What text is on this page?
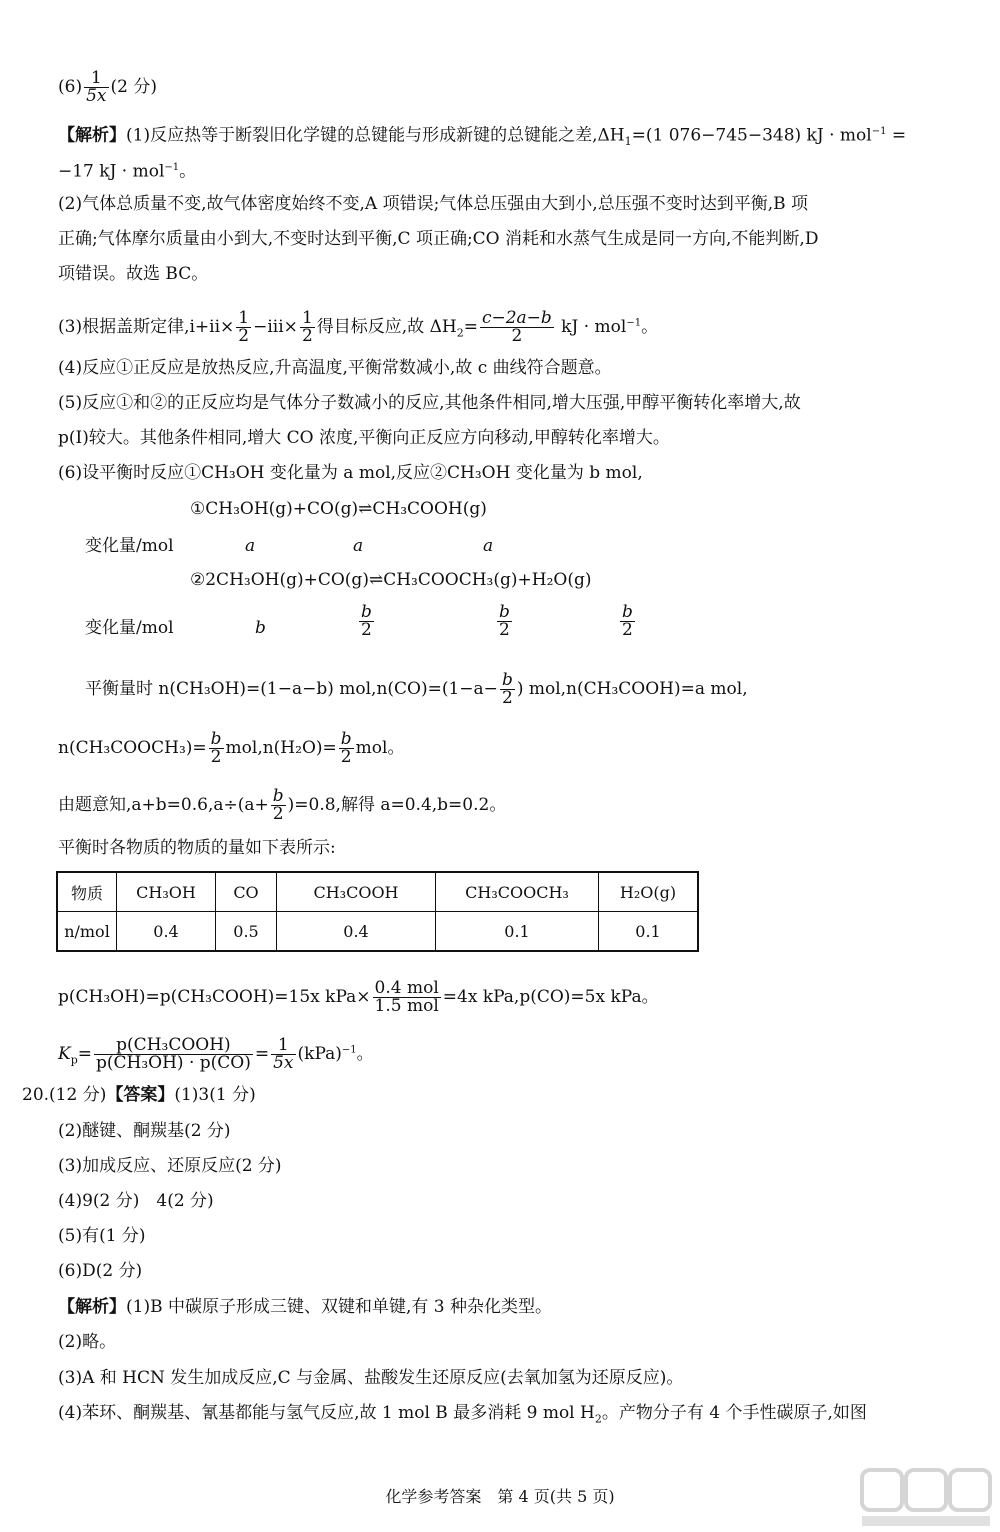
$(6) \frac{1}{5x} (2$ 分)
【解析】(1)反应热等于断裂旧化学键的总键能与形成新键的总键能之差$,\Delta H_1=(1$ 076−745−348) kJ · mol$^{-1}$ =
−17 kJ · mol$^{-1}$。
(2)气体总质量不变,故气体密度始终不变,A 项错误;气体总压强由大到小,总压强不变时达到平衡,B 项
正确;气体摩尔质量由小到大,不变时达到平衡,C 项正确;CO 消耗和水蒸气生成是同一方向,不能判断,D
项错误。故选 BC。
(3)根据盖斯定律$,i+ii\times \frac{1}{2} -iii\times \frac{1}{2}$ 得目标反应,故 $\Delta H_2= \frac{c-2a-b}{2}$ kJ · mol$^{-1}$。
(4)反应①正反应是放热反应,升高温度,平衡常数减小,故 c 曲线符合题意。
(5)反应①和②的正反应均是气体分子数减小的反应,其他条件相同,增大压强,甲醇平衡转化率增大,故
p(Ⅰ)较大。其他条件相同,增大 CO 浓度,平衡向正反应方向移动,甲醇转化率增大。
(6)设平衡时反应①CH₃OH 变化量为 a mol,反应②CH₃OH 变化量为 b mol,
①CH₃OH(g)+CO(g)⇌CH₃COOH(g)
变化量/mol	a	a	a
②2CH₃OH(g)+CO(g)⇌CH₃COOCH₃(g)+H₂O(g)
变化量/mol	b	$\frac{b}{2}$	$\frac{b}{2}$	$\frac{b}{2}$
平衡量时 n(CH₃OH)=(1−a−b) $mol,n(CO)=(1-a- \frac{b}{2}$ ) mol,n(CH₃COOH)=a mol,
n(CH₃COOCH₃)= $\frac{b}{2} mol,n(H_2O)= \frac{b}{2}$ mol。
由题意知$,a+b=0.6,a\div(a+ \frac{b}{2} )=0.8$,解得 a=0.4,b=0.2。
平衡时各物质的物质的量如下表所示:
物质	CH₃OH	CO	CH₃COOH	CH₃COOCH₃	H₂O(g)
n/mol	0.4	0.5	0.4	0.1	0.1
p(CH₃OH)=p(CH₃COOH)=15x $kPa\times \frac{\text{0.4 mol}}{\text{1.5 mol}} =4x$ kPa,p(CO)=5x kPa。
$K_p= \frac{\text{p(CH₃COOH)}}{\text{p(CH₃OH) · p(CO)}} = \frac{1}{5x} (kPa)^{-1}$。
20.(12 分)【答案】(1)3(1 分)
(2)醚键、酮羰基(2 分)
(3)加成反应、还原反应(2 分)
(4)9(2 分)　4(2 分)
(5)有(1 分)
(6)D(2 分)
【解析】(1)B 中碳原子形成三键、双键和单键,有 3 种杂化类型。
(2)略。
(3)A 和 HCN 发生加成反应,C 与金属、盐酸发生还原反应(去氧加氢为还原反应)。
(4)苯环、酮羰基、氰基都能与氢气反应,故 1 mol B 最多消耗 9 mol $H_2$。产物分子有 4 个手性碳原子,如图
化学参考答案　第 4 页(共 5 页)
